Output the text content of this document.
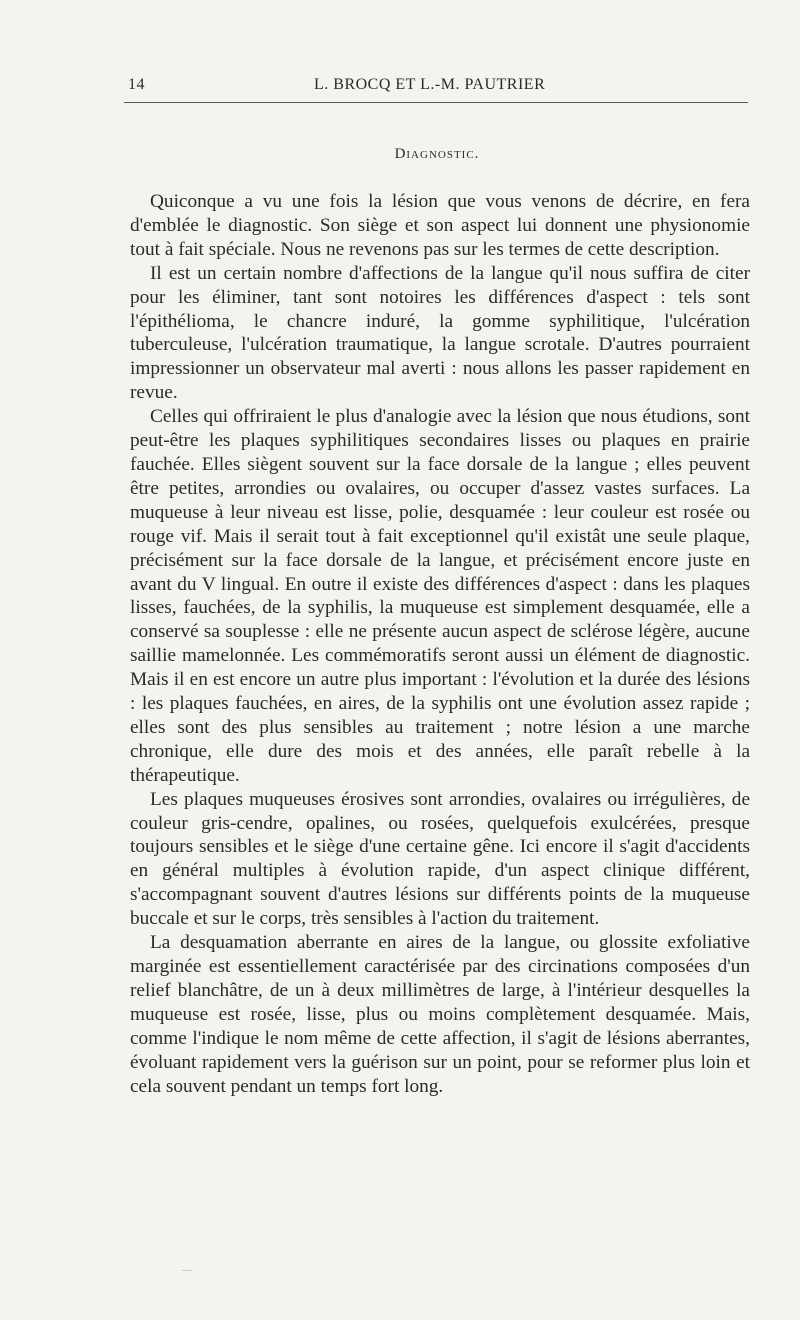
14	L. BROCQ ET L.-M. PAUTRIER
Diagnostic.

Quiconque a vu une fois la lésion que vous venons de décrire, en fera d'emblée le diagnostic. Son siège et son aspect lui donnent une physionomie tout à fait spéciale. Nous ne revenons pas sur les termes de cette description.

Il est un certain nombre d'affections de la langue qu'il nous suffira de citer pour les éliminer, tant sont notoires les différences d'aspect : tels sont l'épithélioma, le chancre induré, la gomme syphilitique, l'ulcération tuberculeuse, l'ulcération traumatique, la langue scrotale. D'autres pourraient impressionner un observateur mal averti : nous allons les passer rapidement en revue.

Celles qui offriraient le plus d'analogie avec la lésion que nous étudions, sont peut-être les plaques syphilitiques secondaires lisses ou plaques en prairie fauchée. Elles siègent souvent sur la face dorsale de la langue ; elles peuvent être petites, arrondies ou ovalaires, ou occuper d'assez vastes surfaces. La muqueuse à leur niveau est lisse, polie, desquamée : leur couleur est rosée ou rouge vif. Mais il serait tout à fait exceptionnel qu'il existât une seule plaque, précisément sur la face dorsale de la langue, et précisément encore juste en avant du V lingual. En outre il existe des différences d'aspect : dans les plaques lisses, fauchées, de la syphilis, la muqueuse est simplement desquamée, elle a conservé sa souplesse : elle ne présente aucun aspect de sclérose légère, aucune saillie mamelonnée. Les commémoratifs seront aussi un élément de diagnostic. Mais il en est encore un autre plus important : l'évolution et la durée des lésions : les plaques fauchées, en aires, de la syphilis ont une évolution assez rapide ; elles sont des plus sensibles au traitement ; notre lésion a une marche chronique, elle dure des mois et des années, elle paraît rebelle à la thérapeutique.

Les plaques muqueuses érosives sont arrondies, ovalaires ou irrégulières, de couleur gris-cendre, opalines, ou rosées, quelquefois exulcérées, presque toujours sensibles et le siège d'une certaine gêne. Ici encore il s'agit d'accidents en général multiples à évolution rapide, d'un aspect clinique différent, s'accompagnant souvent d'autres lésions sur différents points de la muqueuse buccale et sur le corps, très sensibles à l'action du traitement.

La desquamation aberrante en aires de la langue, ou glossite exfoliative marginée est essentiellement caractérisée par des circinations composées d'un relief blanchâtre, de un à deux millimètres de large, à l'intérieur desquelles la muqueuse est rosée, lisse, plus ou moins complètement desquamée. Mais, comme l'indique le nom même de cette affection, il s'agit de lésions aberrantes, évoluant rapidement vers la guérison sur un point, pour se reformer plus loin et cela souvent pendant un temps fort long.
